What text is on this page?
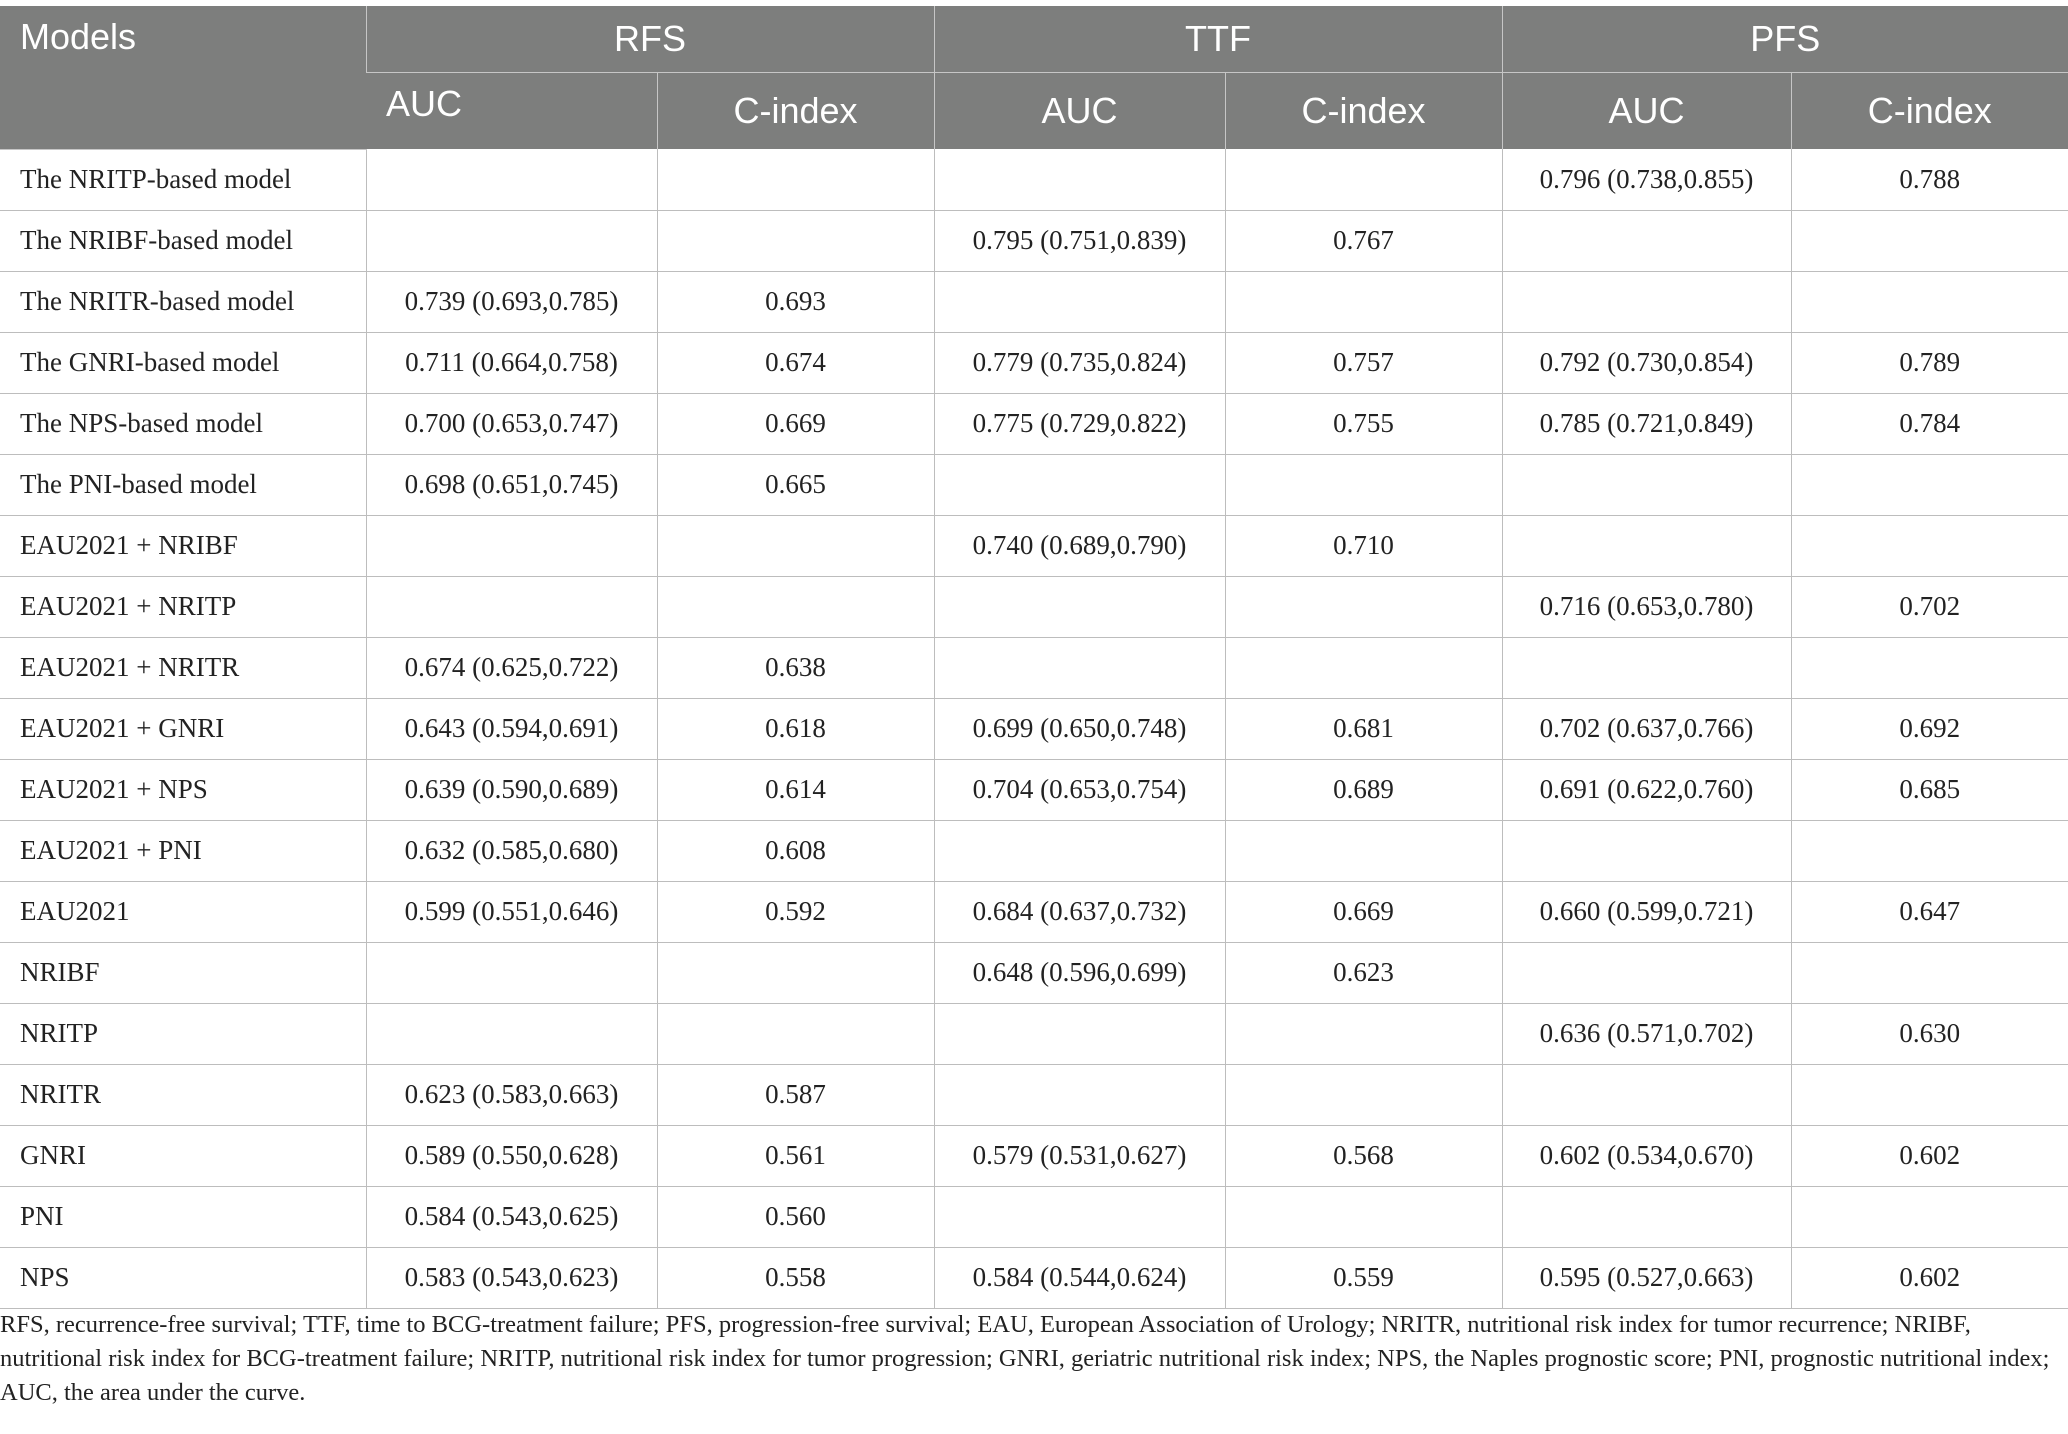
Models	RFS		TTF		PFS	
	AUC	C-index	AUC	C-index	AUC	C-index
The NRITP-based model					0.796 (0.738,0.855)	0.788
The NRIBF-based model			0.795 (0.751,0.839)	0.767		
The NRITR-based model	0.739 (0.693,0.785)	0.693				
The GNRI-based model	0.711 (0.664,0.758)	0.674	0.779 (0.735,0.824)	0.757	0.792 (0.730,0.854)	0.789
The NPS-based model	0.700 (0.653,0.747)	0.669	0.775 (0.729,0.822)	0.755	0.785 (0.721,0.849)	0.784
The PNI-based model	0.698 (0.651,0.745)	0.665				
EAU2021 + NRIBF			0.740 (0.689,0.790)	0.710		
EAU2021 + NRITP					0.716 (0.653,0.780)	0.702
EAU2021 + NRITR	0.674 (0.625,0.722)	0.638				
EAU2021 + GNRI	0.643 (0.594,0.691)	0.618	0.699 (0.650,0.748)	0.681	0.702 (0.637,0.766)	0.692
EAU2021 + NPS	0.639 (0.590,0.689)	0.614	0.704 (0.653,0.754)	0.689	0.691 (0.622,0.760)	0.685
EAU2021 + PNI	0.632 (0.585,0.680)	0.608				
EAU2021	0.599 (0.551,0.646)	0.592	0.684 (0.637,0.732)	0.669	0.660 (0.599,0.721)	0.647
NRIBF			0.648 (0.596,0.699)	0.623		
NRITP					0.636 (0.571,0.702)	0.630
NRITR	0.623 (0.583,0.663)	0.587				
GNRI	0.589 (0.550,0.628)	0.561	0.579 (0.531,0.627)	0.568	0.602 (0.534,0.670)	0.602
PNI	0.584 (0.543,0.625)	0.560				
NPS	0.583 (0.543,0.623)	0.558	0.584 (0.544,0.624)	0.559	0.595 (0.527,0.663)	0.602
RFS, recurrence-free survival; TTF, time to BCG-treatment failure; PFS, progression-free survival; EAU, European Association of Urology; NRITR, nutritional risk index for tumor recurrence; NRIBF, nutritional risk index for BCG-treatment failure; NRITP, nutritional risk index for tumor progression; GNRI, geriatric nutritional risk index; NPS, the Naples prognostic score; PNI, prognostic nutritional index; AUC, the area under the curve.
